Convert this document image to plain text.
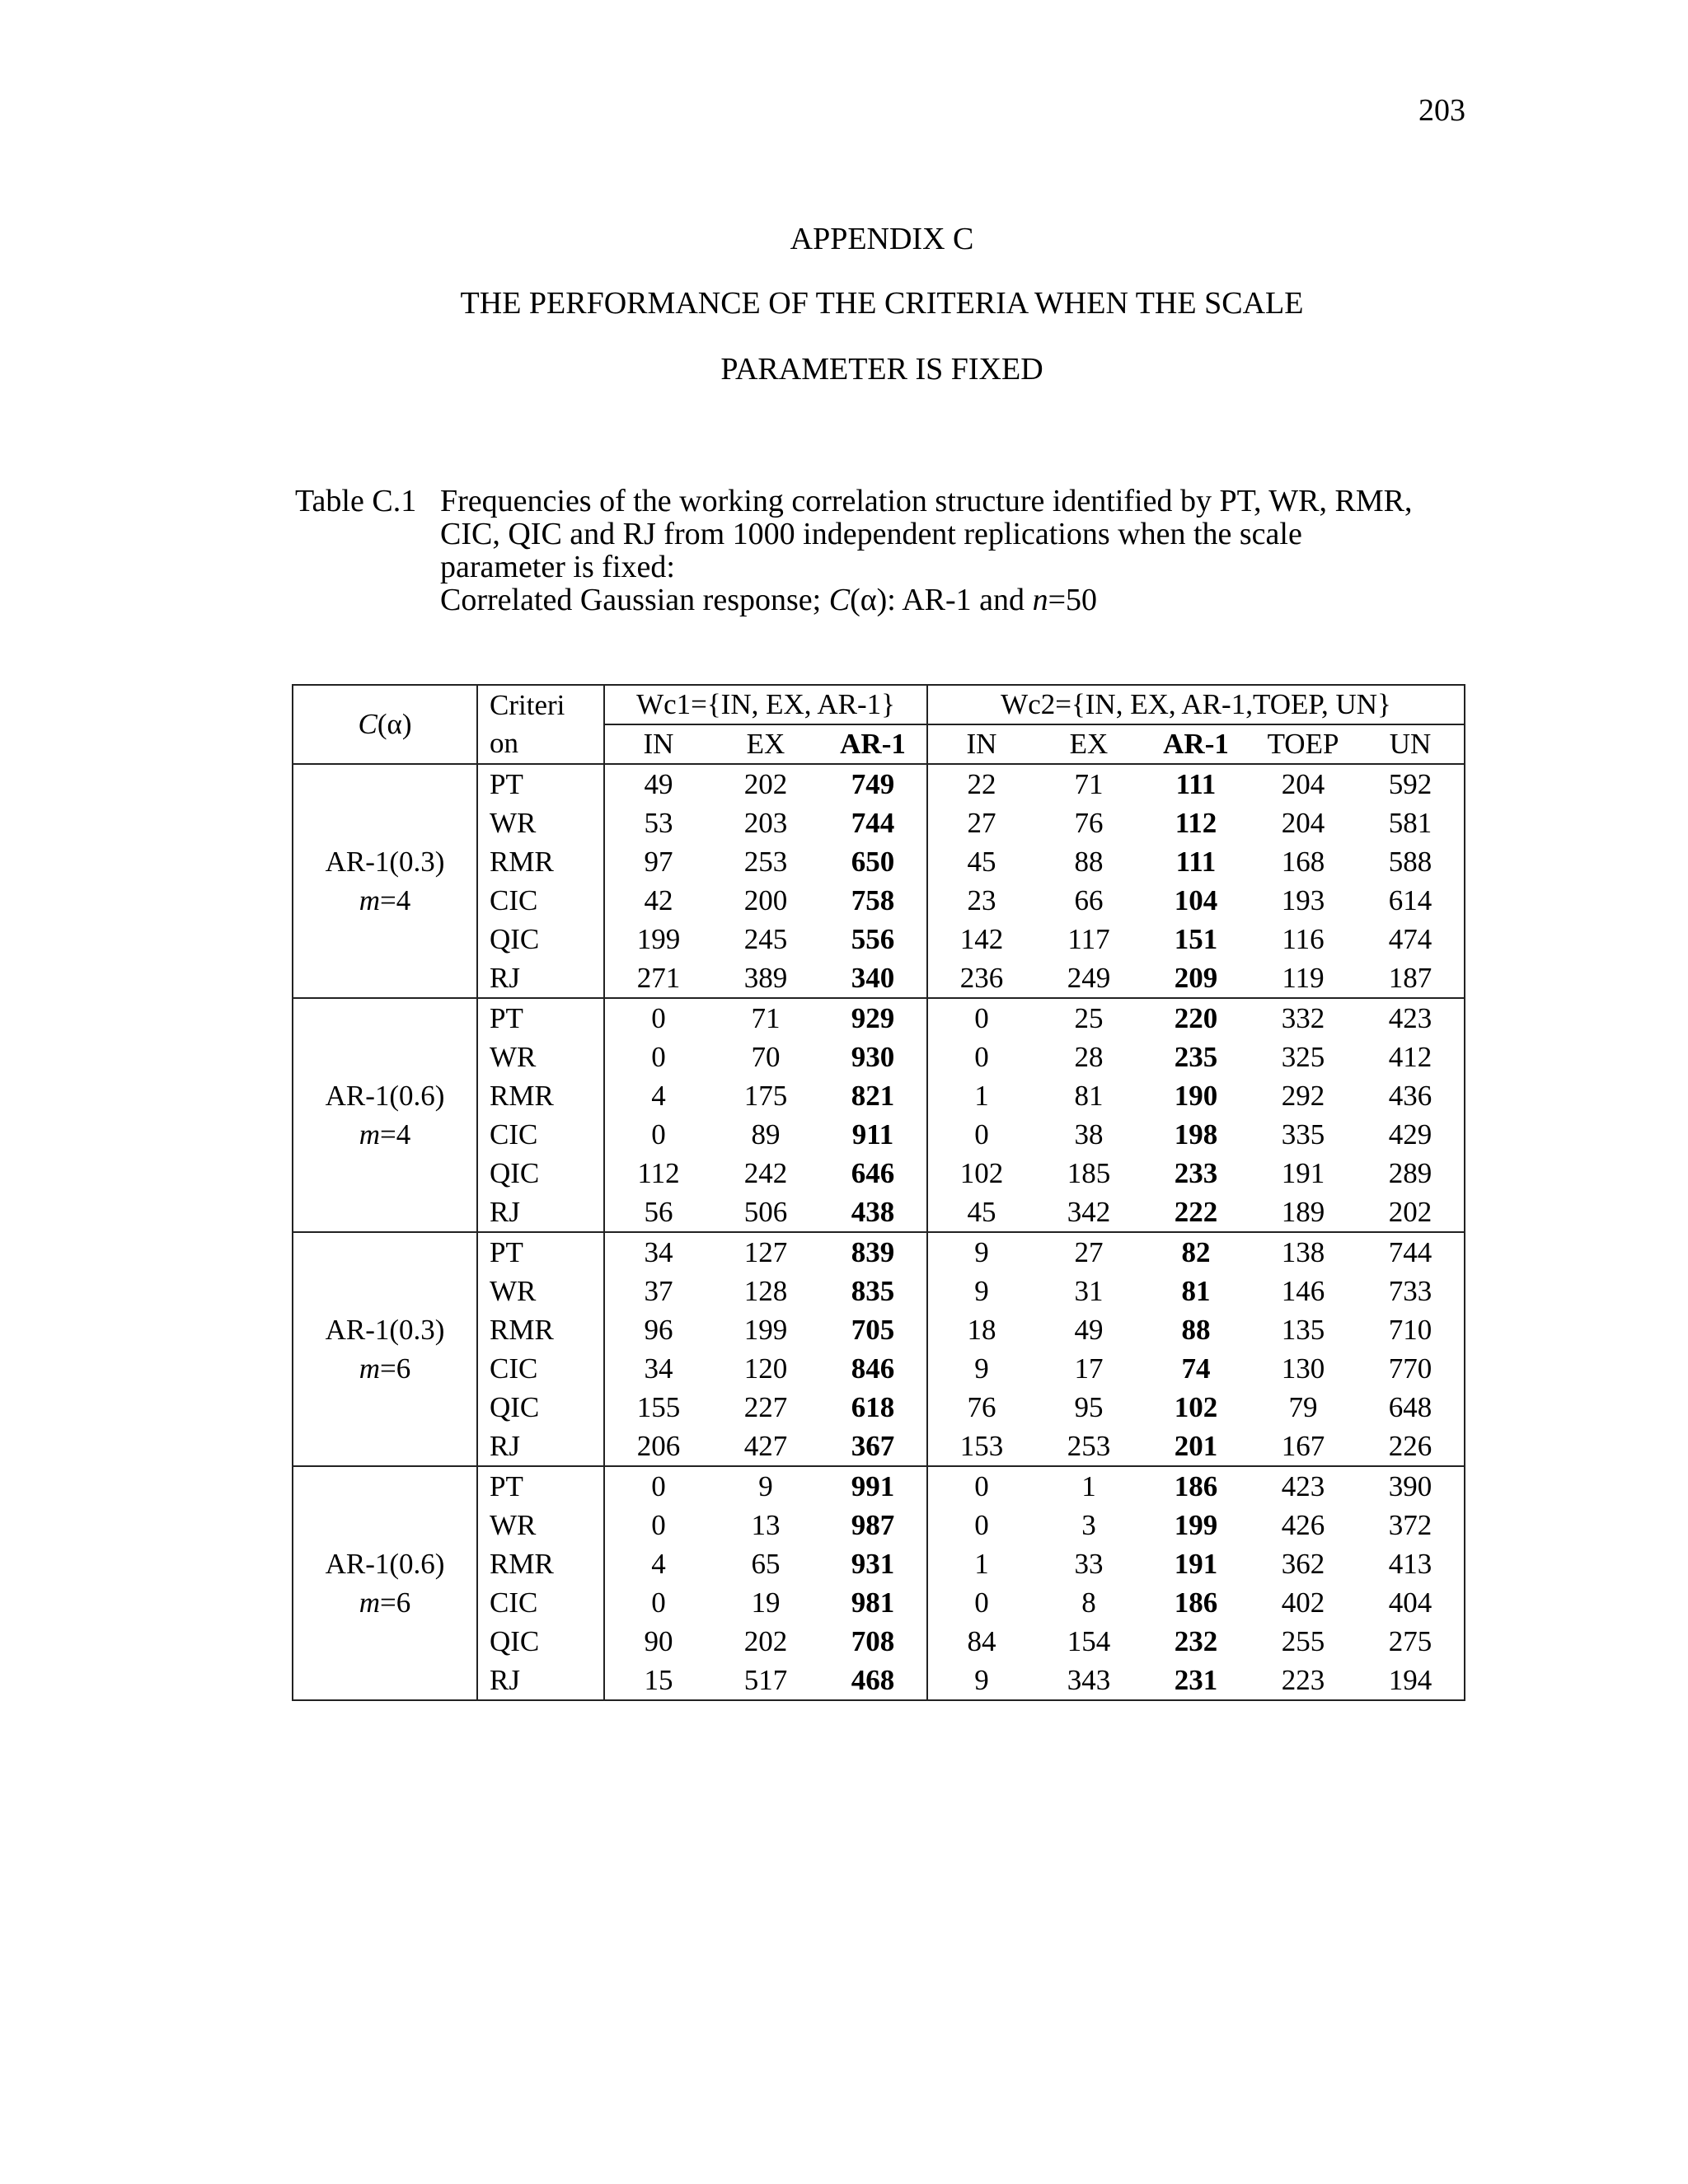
203
APPENDIX C
THE PERFORMANCE OF THE CRITERIA WHEN THE SCALE
PARAMETER IS FIXED
Table C.1 Frequencies of the working correlation structure identified by PT, WR, RMR,
CIC, QIC and RJ from 1000 independent replications when the scale
parameter is fixed:
Correlated Gaussian response; C(α): AR-1 and n=50
C(α)	Criteri
on	Wc1={IN, EX, AR-1}			Wc2={IN, EX, AR-1,TOEP, UN}				
		IN	EX	AR-1	IN	EX	AR-1	TOEP	UN

AR-1(0.3)
m=4	PT	49	202	749	22	71	111	204	592
	WR	53	203	744	27	76	112	204	581
	RMR	97	253	650	45	88	111	168	588
	CIC	42	200	758	23	66	104	193	614
	QIC	199	245	556	142	117	151	116	474
	RJ	271	389	340	236	249	209	119	187

AR-1(0.6)
m=4	PT	0	71	929	0	25	220	332	423
	WR	0	70	930	0	28	235	325	412
	RMR	4	175	821	1	81	190	292	436
	CIC	0	89	911	0	38	198	335	429
	QIC	112	242	646	102	185	233	191	289
	RJ	56	506	438	45	342	222	189	202

AR-1(0.3)
m=6	PT	34	127	839	9	27	82	138	744
	WR	37	128	835	9	31	81	146	733
	RMR	96	199	705	18	49	88	135	710
	CIC	34	120	846	9	17	74	130	770
	QIC	155	227	618	76	95	102	79	648
	RJ	206	427	367	153	253	201	167	226

AR-1(0.6)
m=6	PT	0	9	991	0	1	186	423	390
	WR	0	13	987	0	3	199	426	372
	RMR	4	65	931	1	33	191	362	413
	CIC	0	19	981	0	8	186	402	404
	QIC	90	202	708	84	154	232	255	275
	RJ	15	517	468	9	343	231	223	194
